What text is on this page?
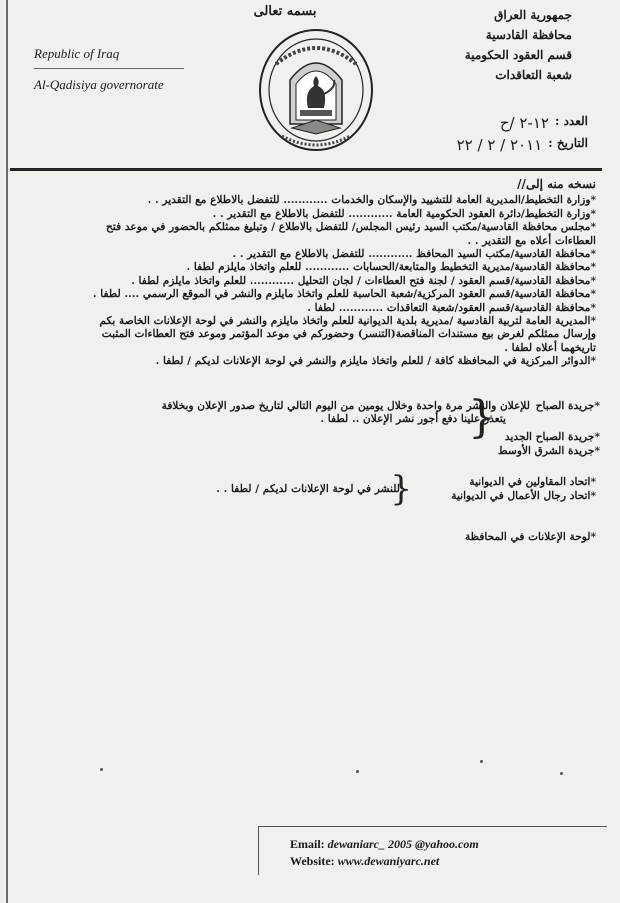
بسمه تعالى
Republic of Iraq
Al-Qadisiya governorate
جمهورية العراق
محافظة القادسية
قسم العقود الحكومية
شعبة التعاقدات
العدد :
١٢-٢ /ح
التاريخ :
٢٠١١ / ٢ / ٢٢
نسخه منه إلى//
*وزارة التخطيط/المديرية العامة للتشييد والإسكان والخدمات ............ للتفضل بالاطلاع مع التقدير . .
*وزارة التخطيط/دائرة العقود الحكومية العامة ............ للتفضل بالاطلاع مع التقدير . .
*مجلس محافظة القادسية/مكتب السيد رئيس المجلس/ للتفضل بالاطلاع / وتبليغ ممثلكم بالحضور في موعد فتح
العطاءات أعلاه مع التقدير . .
*محافظة القادسية/مكتب السيد المحافظ ............ للتفضل بالاطلاع مع التقدير . .
*محافظة القادسية/مديرية التخطيط والمتابعة/الحسابات ............ للعلم واتخاذ مايلزم لطفا .
*محافظة القادسية/قسم العقود / لجنة فتح العطاءات / لجان التحليل ............ للعلم واتخاذ مايلزم لطفا .
*محافظة القادسية/قسم العقود المركزية/شعبة الحاسبة للعلم واتخاذ مايلزم والنشر في الموقع الرسمي .... لطفا .
*محافظة القادسية/قسم العقود/شعبة التعاقدات ............ لطفا .
*المديرية العامة لتربية القادسية /مديرية بلدية الديوانية للعلم واتخاذ مايلزم والنشر في لوحة الإعلانات الخاصة بكم
وإرسال ممثلكم لغرض بيع مستندات المناقصة(التنسر) وحضوركم في موعد المؤتمر وموعد فتح العطاءات المثبت
تاريخهما أعلاه لطفا .
*الدوائر المركزية في المحافظة كافة / للعلم واتخاذ مايلزم والنشر في لوحة الإعلانات لديكم / لطفا .
*جريدة الصباح
*جريدة الصباح الجديد
*جريدة الشرق الأوسط
{
للإعلان والنشر مرة واحدة وخلال يومين من اليوم التالي لتاريخ صدور الإعلان وبخلافة
يتعذر علينا دفع أجور نشر الإعلان .. لطفا .
*اتحاد المقاولين في الديوانية
*اتحاد رجال الأعمال في الديوانية
{
للنشر في لوحة الإعلانات لديكم / لطفا . .
*لوحة الإعلانات في المحافظة
Email: dewaniarc_ 2005 @yahoo.com
Website: www.dewaniyarc.net
